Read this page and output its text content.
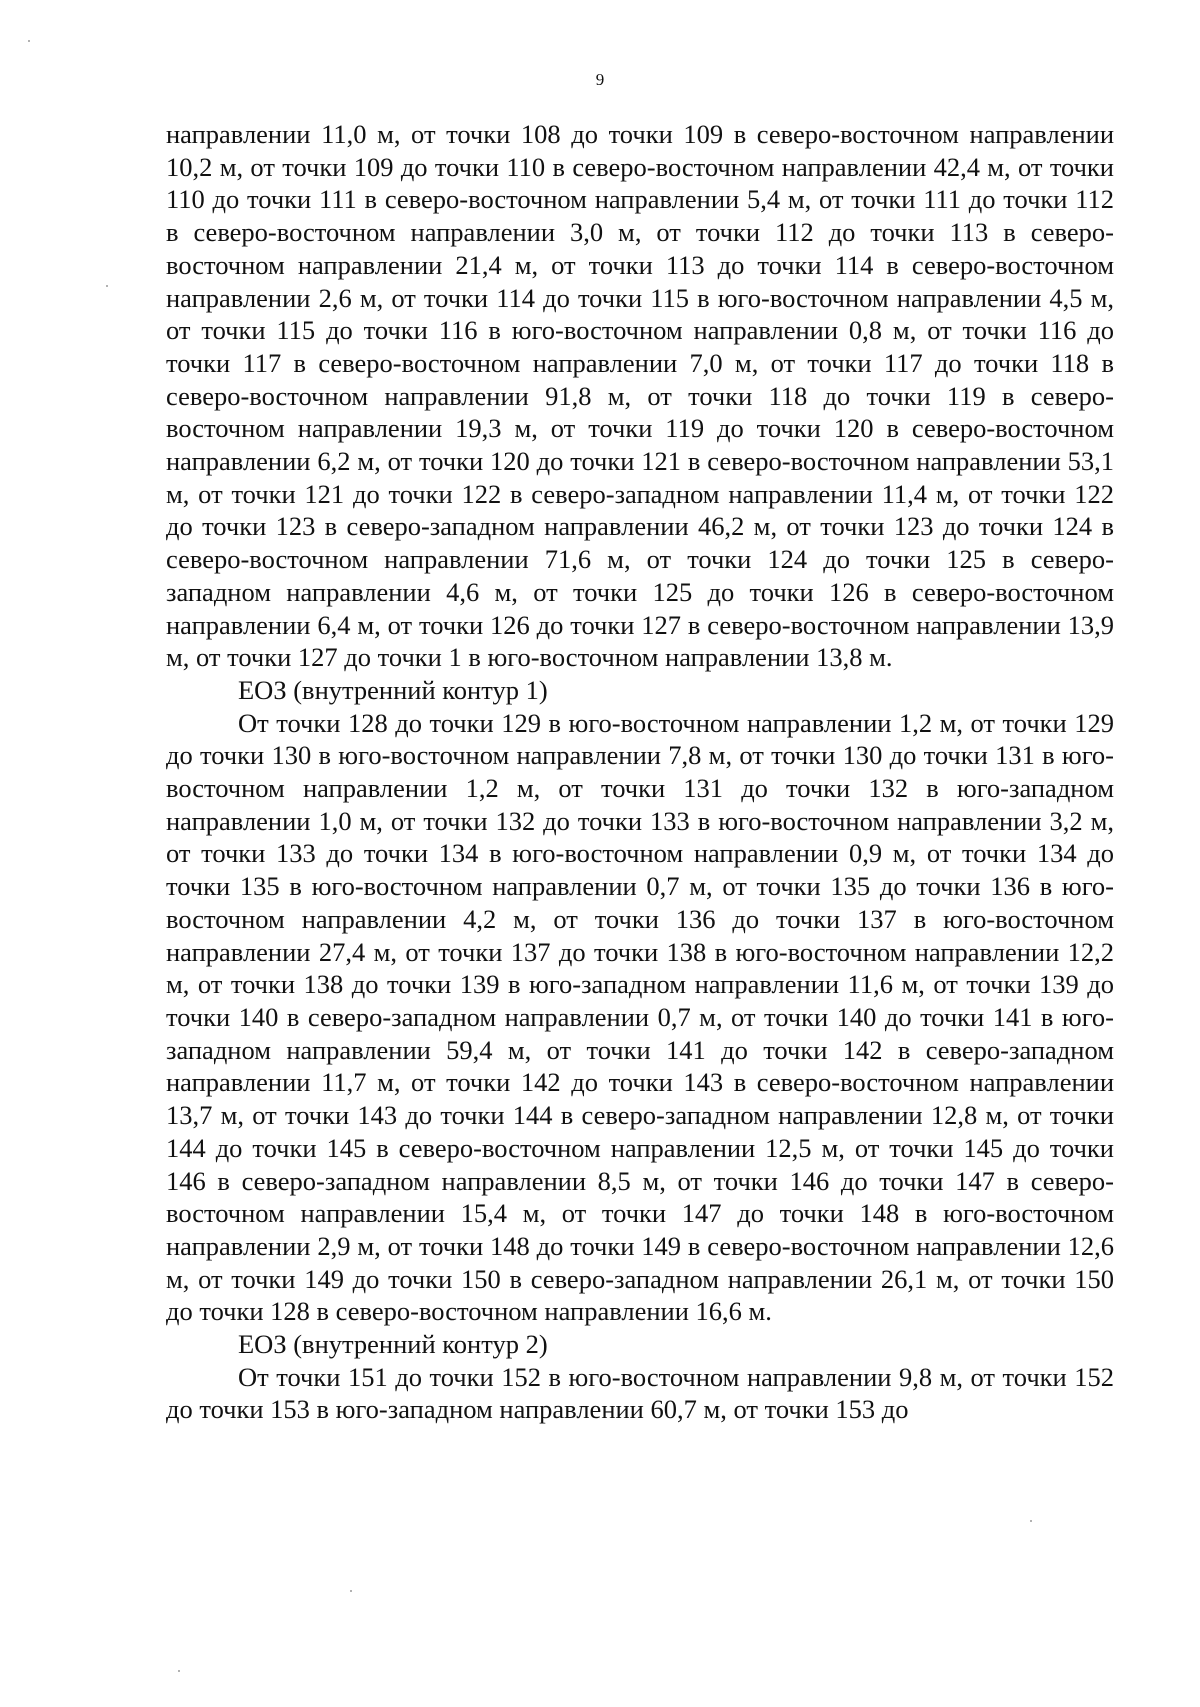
9

направлении 11,0 м, от точки 108 до точки 109 в северо-восточном направлении 10,2 м, от точки 109 до точки 110 в северо-восточном направлении 42,4 м, от точки 110 до точки 111 в северо-восточном направлении 5,4 м, от точки 111 до точки 112 в северо-восточном направлении 3,0 м, от точки 112 до точки 113 в северо-восточном направлении 21,4 м, от точки 113 до точки 114 в северо-восточном направлении 2,6 м, от точки 114 до точки 115 в юго-восточном направлении 4,5 м, от точки 115 до точки 116 в юго-восточном направлении 0,8 м, от точки 116 до точки 117 в северо-восточном направлении 7,0 м, от точки 117 до точки 118 в северо-восточном направлении 91,8 м, от точки 118 до точки 119 в северо-восточном направлении 19,3 м, от точки 119 до точки 120 в северо-восточном направлении 6,2 м, от точки 120 до точки 121 в северо-восточном направлении 53,1 м, от точки 121 до точки 122 в северо-западном направлении 11,4 м, от точки 122 до точки 123 в северо-западном направлении 46,2 м, от точки 123 до точки 124 в северо-восточном направлении 71,6 м, от точки 124 до точки 125 в северо-западном направлении 4,6 м, от точки 125 до точки 126 в северо-восточном направлении 6,4 м, от точки 126 до точки 127 в северо-восточном направлении 13,9 м, от точки 127 до точки 1 в юго-восточном направлении 13,8 м.

ЕОЗ (внутренний контур 1)

От точки 128 до точки 129 в юго-восточном направлении 1,2 м, от точки 129 до точки 130 в юго-восточном направлении 7,8 м, от точки 130 до точки 131 в юго-восточном направлении 1,2 м, от точки 131 до точки 132 в юго-западном направлении 1,0 м, от точки 132 до точки 133 в юго-восточном направлении 3,2 м, от точки 133 до точки 134 в юго-восточном направлении 0,9 м, от точки 134 до точки 135 в юго-восточном направлении 0,7 м, от точки 135 до точки 136 в юго-восточном направлении 4,2 м, от точки 136 до точки 137 в юго-восточном направлении 27,4 м, от точки 137 до точки 138 в юго-восточном направлении 12,2 м, от точки 138 до точки 139 в юго-западном направлении 11,6 м, от точки 139 до точки 140 в северо-западном направлении 0,7 м, от точки 140 до точки 141 в юго-западном направлении 59,4 м, от точки 141 до точки 142 в северо-западном направлении 11,7 м, от точки 142 до точки 143 в северо-восточном направлении 13,7 м, от точки 143 до точки 144 в северо-западном направлении 12,8 м, от точки 144 до точки 145 в северо-восточном направлении 12,5 м, от точки 145 до точки 146 в северо-западном направлении 8,5 м, от точки 146 до точки 147 в северо-восточном направлении 15,4 м, от точки 147 до точки 148 в юго-восточном направлении 2,9 м, от точки 148 до точки 149 в северо-восточном направлении 12,6 м, от точки 149 до точки 150 в северо-западном направлении 26,1 м, от точки 150 до точки 128 в северо-восточном направлении 16,6 м.

ЕОЗ (внутренний контур 2)

От точки 151 до точки 152 в юго-восточном направлении 9,8 м, от точки 152 до точки 153 в юго-западном направлении 60,7 м, от точки 153 до
